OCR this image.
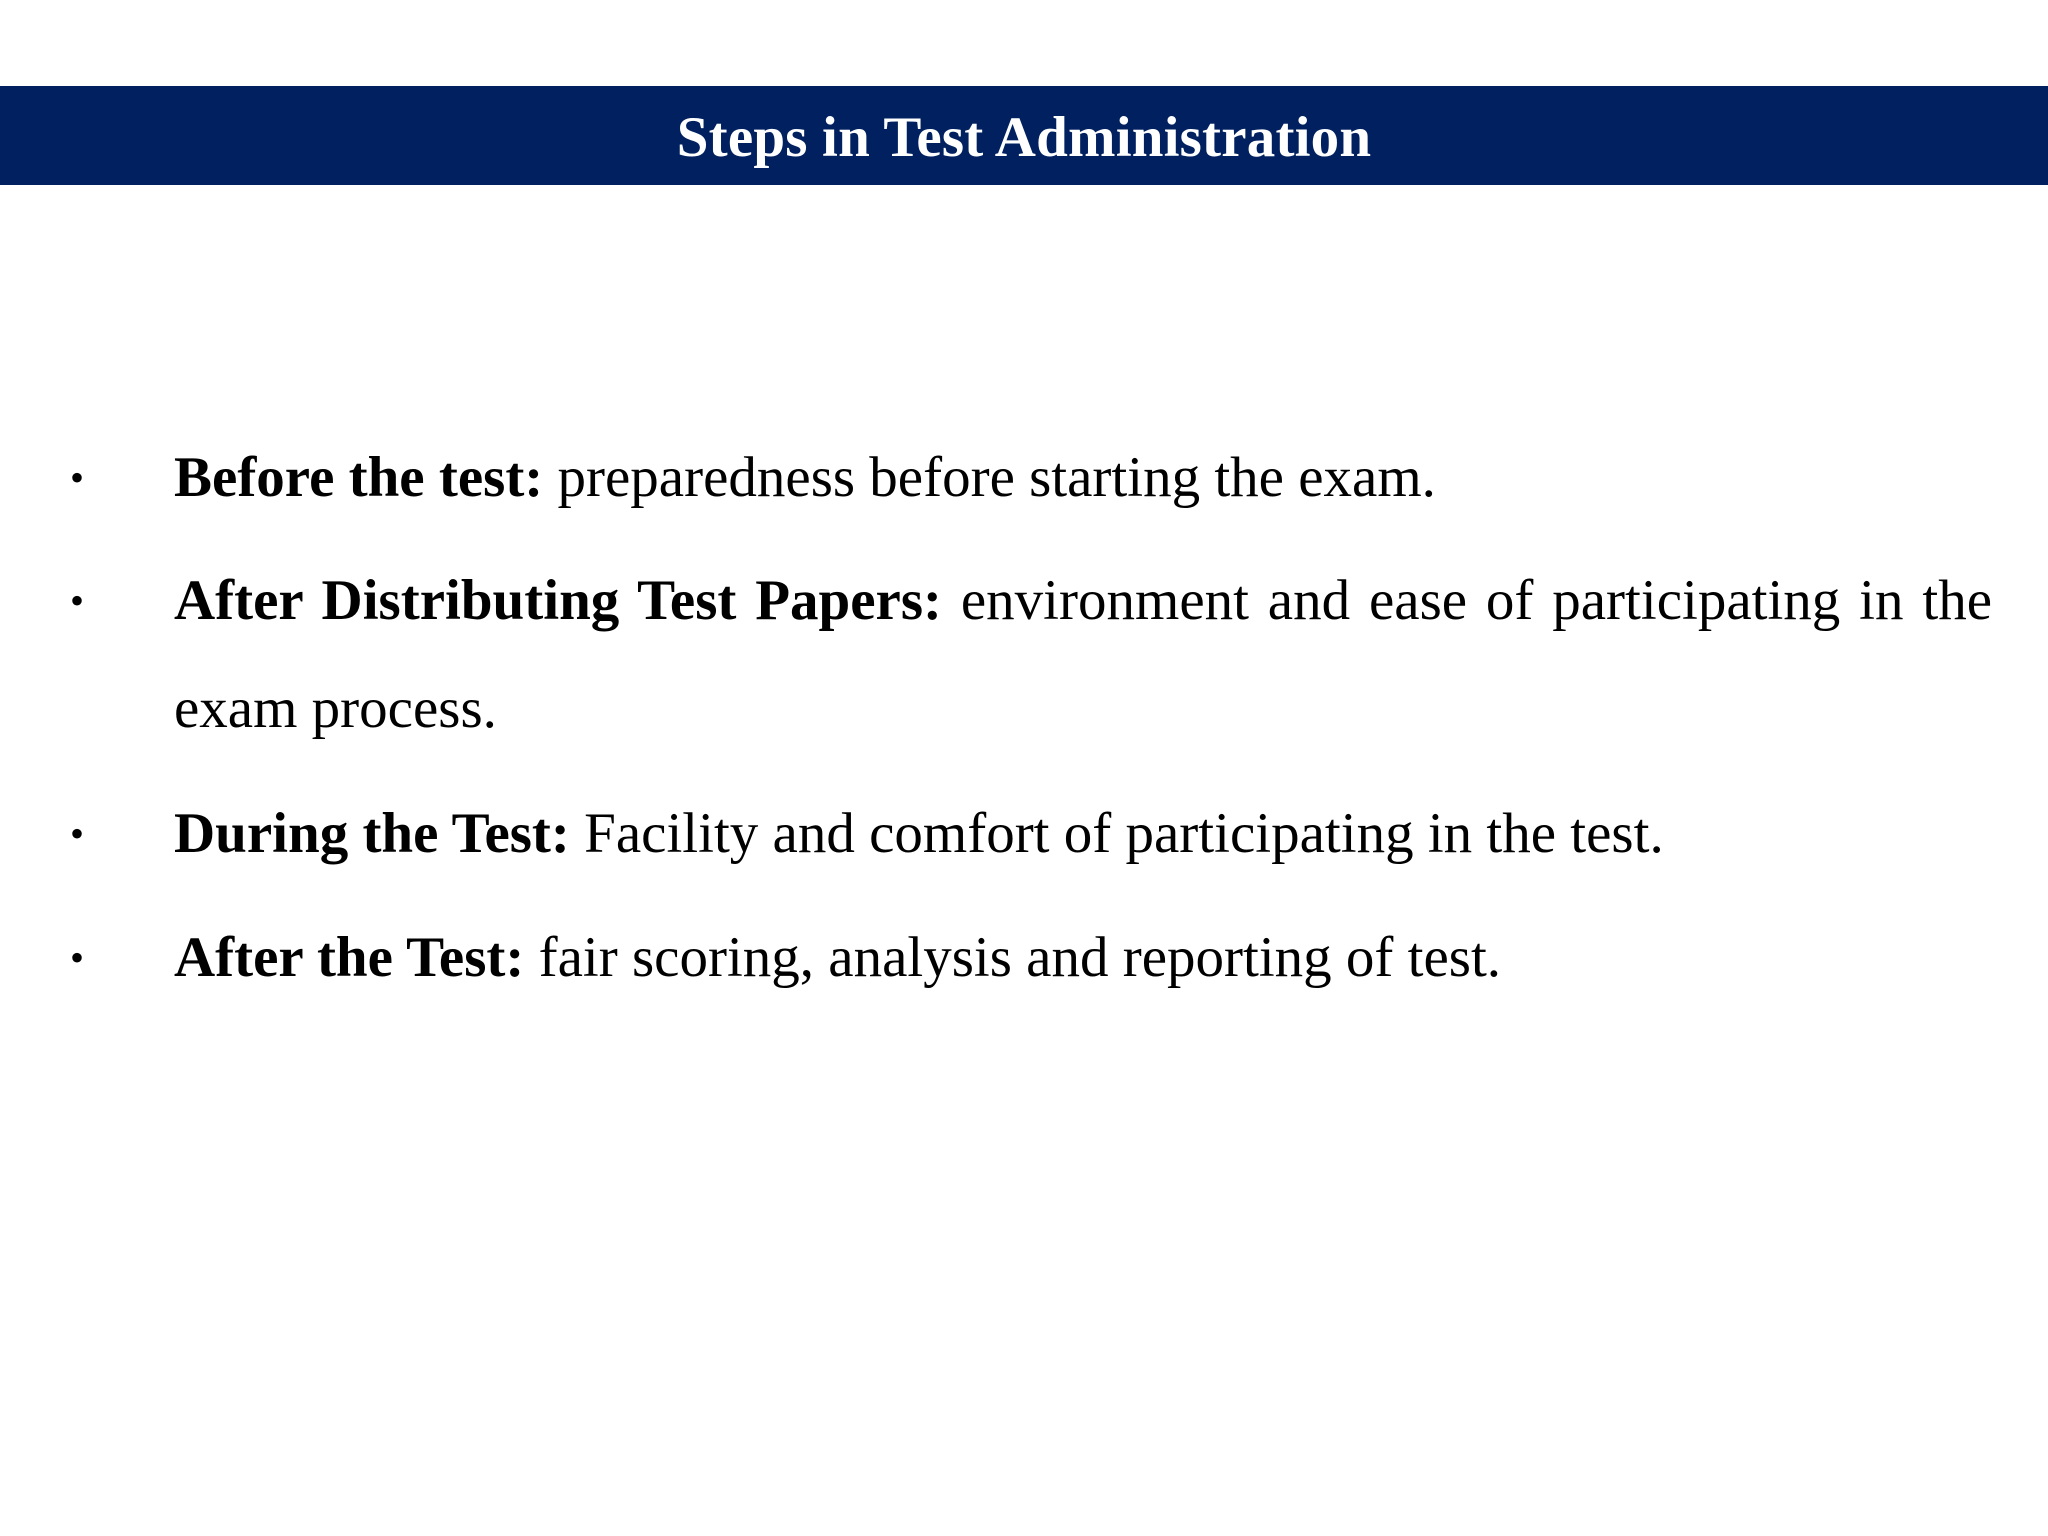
Steps in Test Administration
• Before the test: preparedness before starting the exam.
• After Distributing Test Papers: environment and ease of participating in the exam process.
• During the Test: Facility and comfort of participating in the test.
• After the Test: fair scoring, analysis and reporting of test.
